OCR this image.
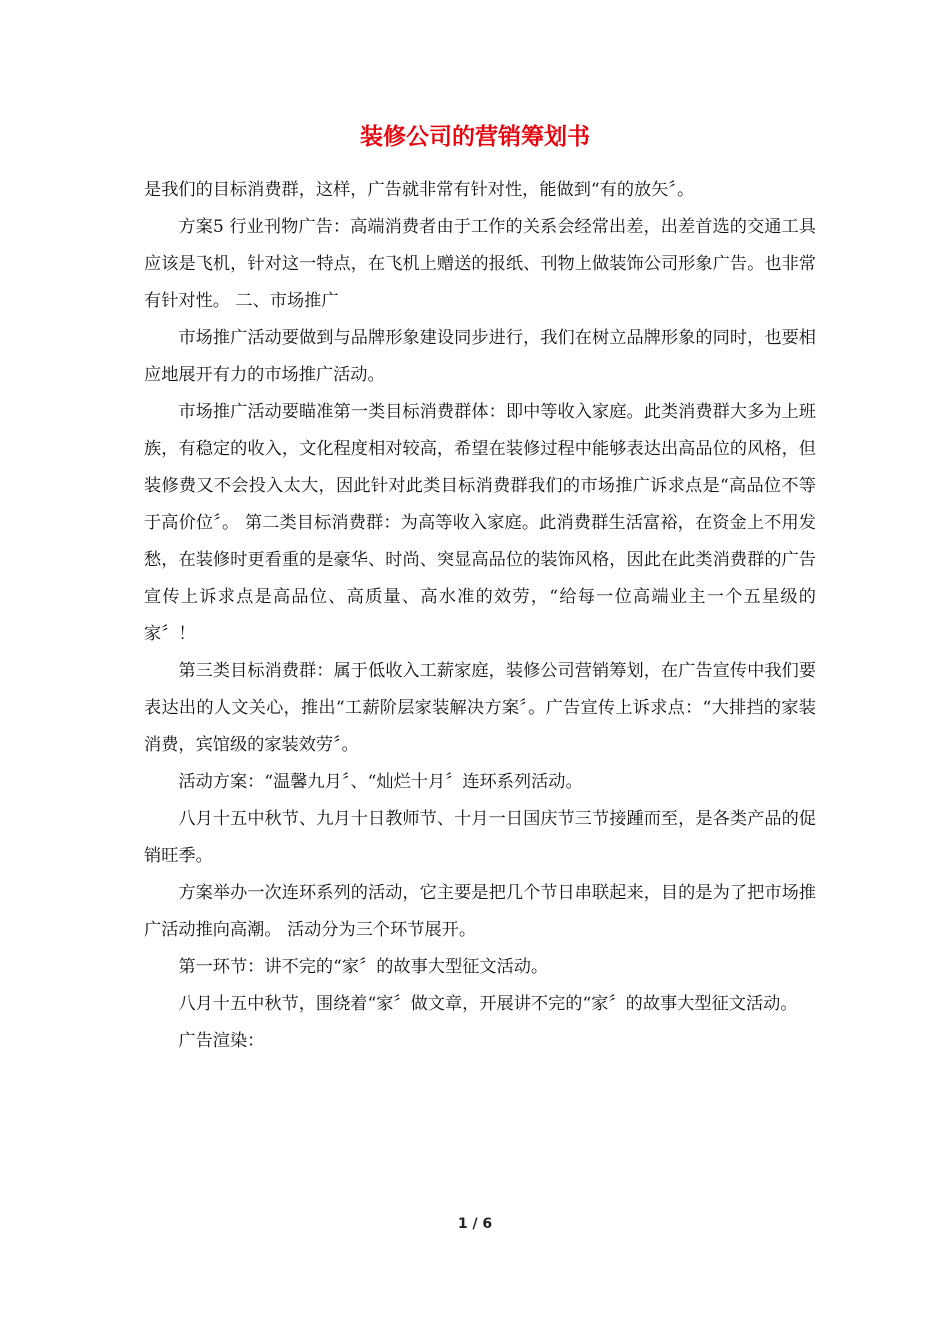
装修公司的营销筹划书

是我们的目标消费群，这样，广告就非常有针对性，能做到“有的放矢〞。

方案5 行业刊物广告：高端消费者由于工作的关系会经常出差，出差首选的交通工具应该是飞机，针对这一特点，在飞机上赠送的报纸、刊物上做装饰公司形象广告。也非常有针对性。 二、市场推广

市场推广活动要做到与品牌形象建设同步进行，我们在树立品牌形象的同时，也要相应地展开有力的市场推广活动。

市场推广活动要瞄准第一类目标消费群体：即中等收入家庭。此类消费群大多为上班族，有稳定的收入，文化程度相对较高，希望在装修过程中能够表达出高品位的风格，但装修费又不会投入太大，因此针对此类目标消费群我们的市场推广诉求点是“高品位不等于高价位〞。 第二类目标消费群：为高等收入家庭。此消费群生活富裕，在资金上不用发愁，在装修时更看重的是豪华、时尚、突显高品位的装饰风格，因此在此类消费群的广告宣传上诉求点是高品位、高质量、高水准的效劳，“给每一位高端业主一个五星级的家〞！

第三类目标消费群：属于低收入工薪家庭，装修公司营销筹划，在广告宣传中我们要表达出的人文关心，推出“工薪阶层家装解决方案〞。广告宣传上诉求点：“大排挡的家装消费，宾馆级的家装效劳〞。

活动方案：“温馨九月〞、“灿烂十月〞连环系列活动。

八月十五中秋节、九月十日教师节、十月一日国庆节三节接踵而至，是各类产品的促销旺季。

方案举办一次连环系列的活动，它主要是把几个节日串联起来，目的是为了把市场推广活动推向高潮。 活动分为三个环节展开。

第一环节：讲不完的“家〞的故事大型征文活动。

八月十五中秋节，围绕着“家〞做文章，开展讲不完的“家〞的故事大型征文活动。

广告渲染：

1 / 6
